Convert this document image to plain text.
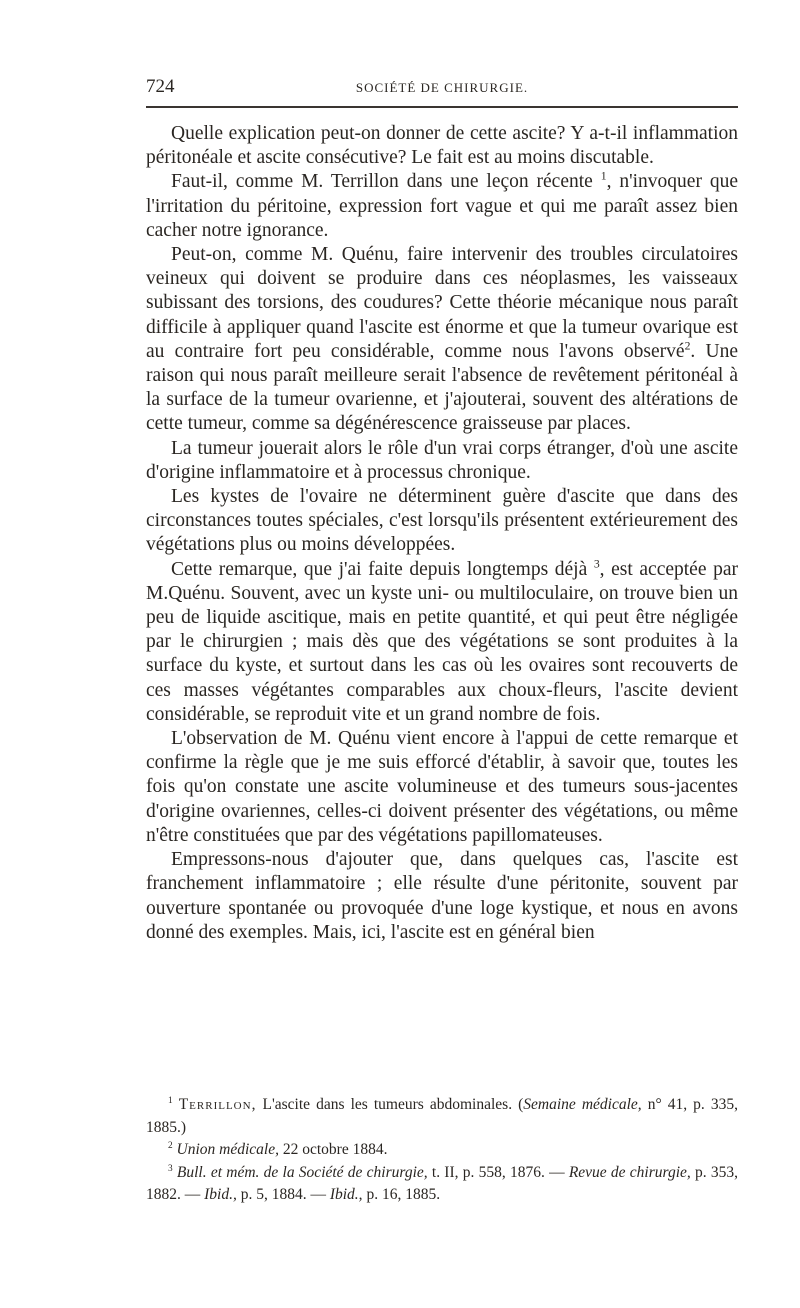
724	SOCIÉTÉ DE CHIRURGIE.

Quelle explication peut-on donner de cette ascite? Y a-t-il inflammation péritonéale et ascite consécutive? Le fait est au moins discutable.

Faut-il, comme M. Terrillon dans une leçon récente $^1$, n'invoquer que l'irritation du péritoine, expression fort vague et qui me paraît assez bien cacher notre ignorance.

Peut-on, comme M. Quénu, faire intervenir des troubles circulatoires veineux qui doivent se produire dans ces néoplasmes, les vaisseaux subissant des torsions, des coudures? Cette théorie mécanique nous paraît difficile à appliquer quand l'ascite est énorme et que la tumeur ovarique est au contraire fort peu considérable, comme nous l'avons observé$^2$. Une raison qui nous paraît meilleure serait l'absence de revêtement péritonéal à la surface de la tumeur ovarienne, et j'ajouterai, souvent des altérations de cette tumeur, comme sa dégénérescence graisseuse par places.

La tumeur jouerait alors le rôle d'un vrai corps étranger, d'où une ascite d'origine inflammatoire et à processus chronique.

Les kystes de l'ovaire ne déterminent guère d'ascite que dans des circonstances toutes spéciales, c'est lorsqu'ils présentent extérieurement des végétations plus ou moins développées.

Cette remarque, que j'ai faite depuis longtemps déjà $^3$, est acceptée par M.Quénu. Souvent, avec un kyste uni- ou multiloculaire, on trouve bien un peu de liquide ascitique, mais en petite quantité, et qui peut être négligée par le chirurgien ; mais dès que des végétations se sont produites à la surface du kyste, et surtout dans les cas où les ovaires sont recouverts de ces masses végétantes comparables aux choux-fleurs, l'ascite devient considérable, se reproduit vite et un grand nombre de fois.

L'observation de M. Quénu vient encore à l'appui de cette remarque et confirme la règle que je me suis efforcé d'établir, à savoir que, toutes les fois qu'on constate une ascite volumineuse et des tumeurs sous-jacentes d'origine ovariennes, celles-ci doivent présenter des végétations, ou même n'être constituées que par des végétations papillomateuses.

Empressons-nous d'ajouter que, dans quelques cas, l'ascite est franchement inflammatoire ; elle résulte d'une péritonite, souvent par ouverture spontanée ou provoquée d'une loge kystique, et nous en avons donné des exemples. Mais, ici, l'ascite est en général bien

$^1$ Terrillon, L'ascite dans les tumeurs abdominales. (Semaine médicale, n° 41, p. 335, 1885.)

$^2$ Union médicale, 22 octobre 1884.

$^3$ Bull. et mém. de la Société de chirurgie, t. II, p. 558, 1876. — Revue de chirurgie, p. 353, 1882. — Ibid., p. 5, 1884. — Ibid., p. 16, 1885.
